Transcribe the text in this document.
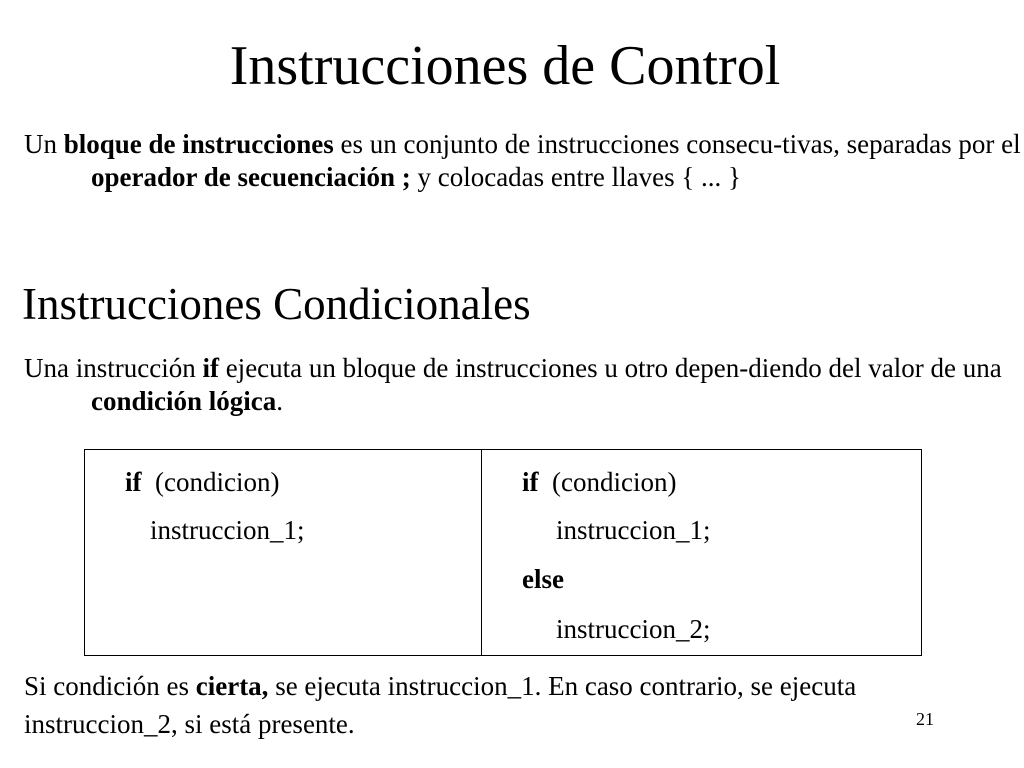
Instrucciones de Control
Un bloque de instrucciones es un conjunto de instrucciones consecu-tivas, separadas por el operador de secuenciación ; y colocadas entre llaves { ... }
Instrucciones Condicionales
Una instrucción if ejecuta un bloque de instrucciones u otro depen-diendo del valor de una condición lógica.
if  (condicion)
instruccion_1;
if  (condicion)
instruccion_1;
else
instruccion_2;
Si condición es cierta, se ejecuta instruccion_1. En caso contrario, se ejecuta instruccion_2, si está presente.	21
